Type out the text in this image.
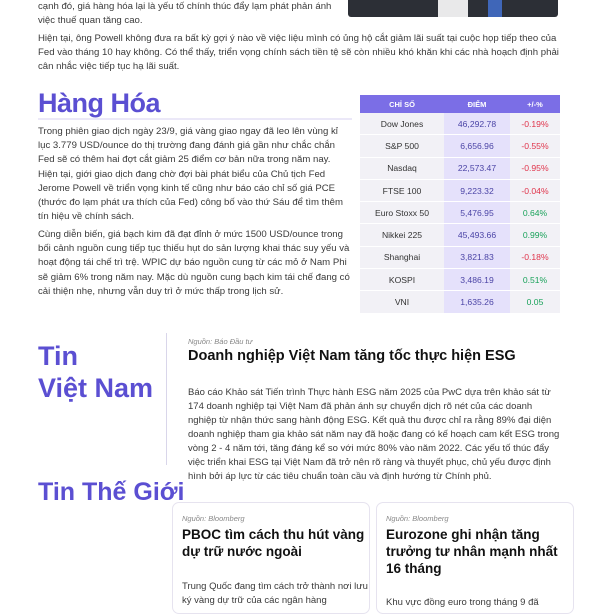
cạnh đó, giá hàng hóa lại là yếu tố chính thúc đẩy lạm phát phản ánh việc thuế quan tăng cao.

Hiện tại, ông Powell không đưa ra bất kỳ gợi ý nào về việc liệu mình có ủng hộ cắt giảm lãi suất tại cuộc họp tiếp theo của Fed vào tháng 10 hay không. Có thể thấy, triển vọng chính sách tiền tệ sẽ còn nhiều khó khăn khi các nhà hoạch định phải cân nhắc việc tiếp tục hạ lãi suất.

Hàng Hóa

Trong phiên giao dịch ngày 23/9, giá vàng giao ngay đã leo lên vùng kỉ lục 3.779 USD/ounce do thị trường đang đánh giá gần như chắc chắn Fed sẽ có thêm hai đợt cắt giảm 25 điểm cơ bản nữa trong năm nay. Hiện tại, giới giao dịch đang chờ đợi bài phát biểu của Chủ tịch Fed Jerome Powell về triển vọng kinh tế cũng như báo cáo chỉ số giá PCE (thước đo lạm phát ưa thích của Fed) công bố vào thứ Sáu để tìm thêm tín hiệu về chính sách.

Cùng diễn biến, giá bạch kim đã đạt đỉnh ở mức 1500 USD/ounce trong bối cảnh nguồn cung tiếp tục thiếu hụt do sản lượng khai thác suy yếu và hoạt động tái chế trì trệ. WPIC dự báo nguồn cung từ các mỏ ở Nam Phi sẽ giảm 6% trong năm nay. Mặc dù nguồn cung bạch kim tái chế đang có cải thiện nhẹ, nhưng vẫn duy trì ở mức thấp trong lịch sử.

CHỈ SỐ	ĐIỂM	+/-%
Dow Jones	46,292.78	-0.19%
S&P 500	6,656.96	-0.55%
Nasdaq	22,573.47	-0.95%
FTSE 100	9,223.32	-0.04%
Euro Stoxx 50	5,476.95	0.64%
Nikkei 225	45,493.66	0.99%
Shanghai	3,821.83	-0.18%
KOSPI	3,486.19	0.51%
VNI	1,635.26	0.05
Tin
Việt Nam
Nguồn: Báo Đầu tư
Doanh nghiệp Việt Nam tăng tốc thực hiện ESG

Báo cáo Khảo sát Tiến trình Thực hành ESG năm 2025 của PwC dựa trên khảo sát từ 174 doanh nghiệp tại Việt Nam đã phản ánh sự chuyển dịch rõ nét của các doanh nghiệp từ nhận thức sang hành động ESG. Kết quả thu được chỉ ra rằng 89% đại diện doanh nghiệp tham gia khảo sát năm nay đã hoặc đang có kế hoạch cam kết ESG trong vòng 2 - 4 năm tới, tăng đáng kể so với mức 80% vào năm 2022. Các yếu tố thúc đẩy việc triển khai ESG tại Việt Nam đã trở nên rõ ràng và thuyết phục, chủ yếu được định hình bởi áp lực từ các tiêu chuẩn toàn cầu và định hướng từ Chính phủ.

Tin Thế Giới
Nguồn: Bloomberg
PBOC tìm cách thu hút vàng dự trữ nước ngoài

Trung Quốc đang tìm cách trở thành nơi lưu ký vàng dự trữ của các ngân hàng

Nguồn: Bloomberg
Eurozone ghi nhận tăng trưởng tư nhân mạnh nhất 16 tháng

Khu vực đồng euro trong tháng 9 đã
